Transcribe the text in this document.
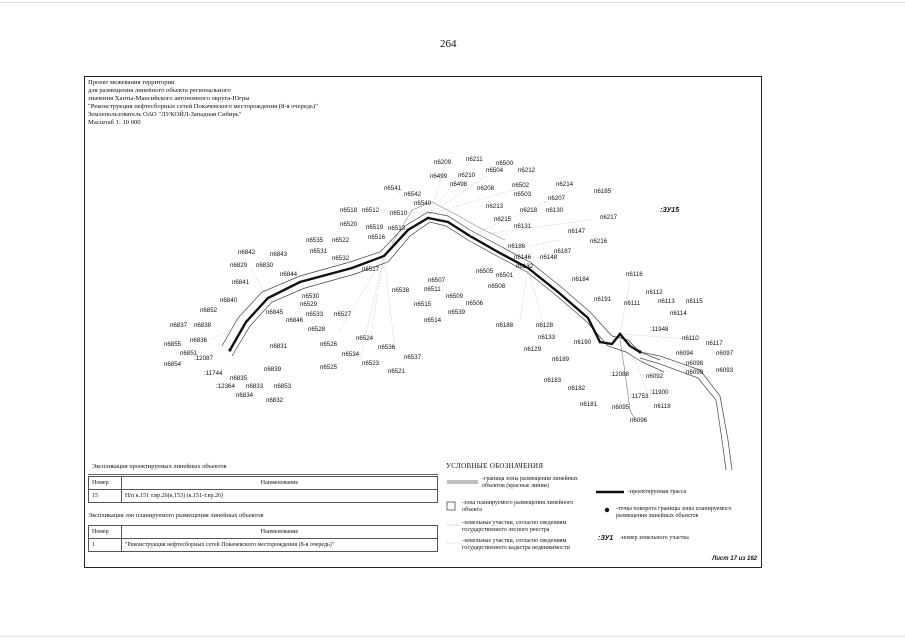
264
Проект межевания территории
для размещения линейного объекта регионального
значения Ханты-Мансийского автономного округа-Югры
"Реконструкция нефтесборных сетей Покачевского месторождения (8-я очередь)"
Землепользователь ОАО "ЛУКОЙЛ-Западная Сибирь"
Масштаб 1: 10 000
:ЗУ15
п6209 п6211
п6500
п6212
п6499 п6210
п6504
п6498
п6208	п6502	п6214
п6541
п6503
п6207
п6185
п6542
п6540	п6213
п6218 п6130
п6518 п6512 п6510
п6217
п6215
п6520 п6519 п6513	п6131
п6147
п6535 п6522	п6516
п6216
п6531
п6186
п6187
п6842 п6843
п6532	п6146 п6148
п6829 п6830	п6132
п6517	п6505
п6844	п6501
п6184
п6116
п6841	п6507
п6508
п6538 п6511
п6509
п6530
п6112
п6840
п6529	п6515	п6506
п6191
п6111	п6113 п6115
п6852	п6845	п6533 п6527	п6539	п6114
п6846	п6514
п6837 п6838	п6188	п6128
п6528	:11948
п6836	п6133	п6110
п6855	п6831
п6524
п6190	п6117
п6851
п6526	п6536	п6129
п6094	п6097
п6534
:12087	п6537
п6098
п6854	п6523
п6189
п6839	п6525
п6521	:12088	п6092
п6099 п6093
:11744
п6835	п6183
:12364 п6833 п6853	п6182
:11753
:11900
п6834
п6832
п6181 п6095	п6118
п6096
:ЗУ1
Экспликация проектируемых линейных объектов
Номер	Наименование
15	Н/п к.151 т.вр.26(к.153) (к.151-т.вр.26)
Экспликация зон планируемого размещения линейных объектов
Номер	Наименование
1	"Реконструкция нефтесборных сетей Покачевского месторождения (8-я очередь)"
УСЛОВНЫЕ ОБОЗНАЧЕНИЯ
-граница зоны размещения линейных объектов (красные линии)
-зона планируемого размещения линейного объекта
-земельные участки, согласно сведениям государственного лесного реестра
-земельные участки, согласно сведениям государственного кадастра недвижимости
-проектируемая трасса
-точка поворота границы зоны планируемого размещения линейных объектов
-номер земельного участка
Лист 17 из 162
